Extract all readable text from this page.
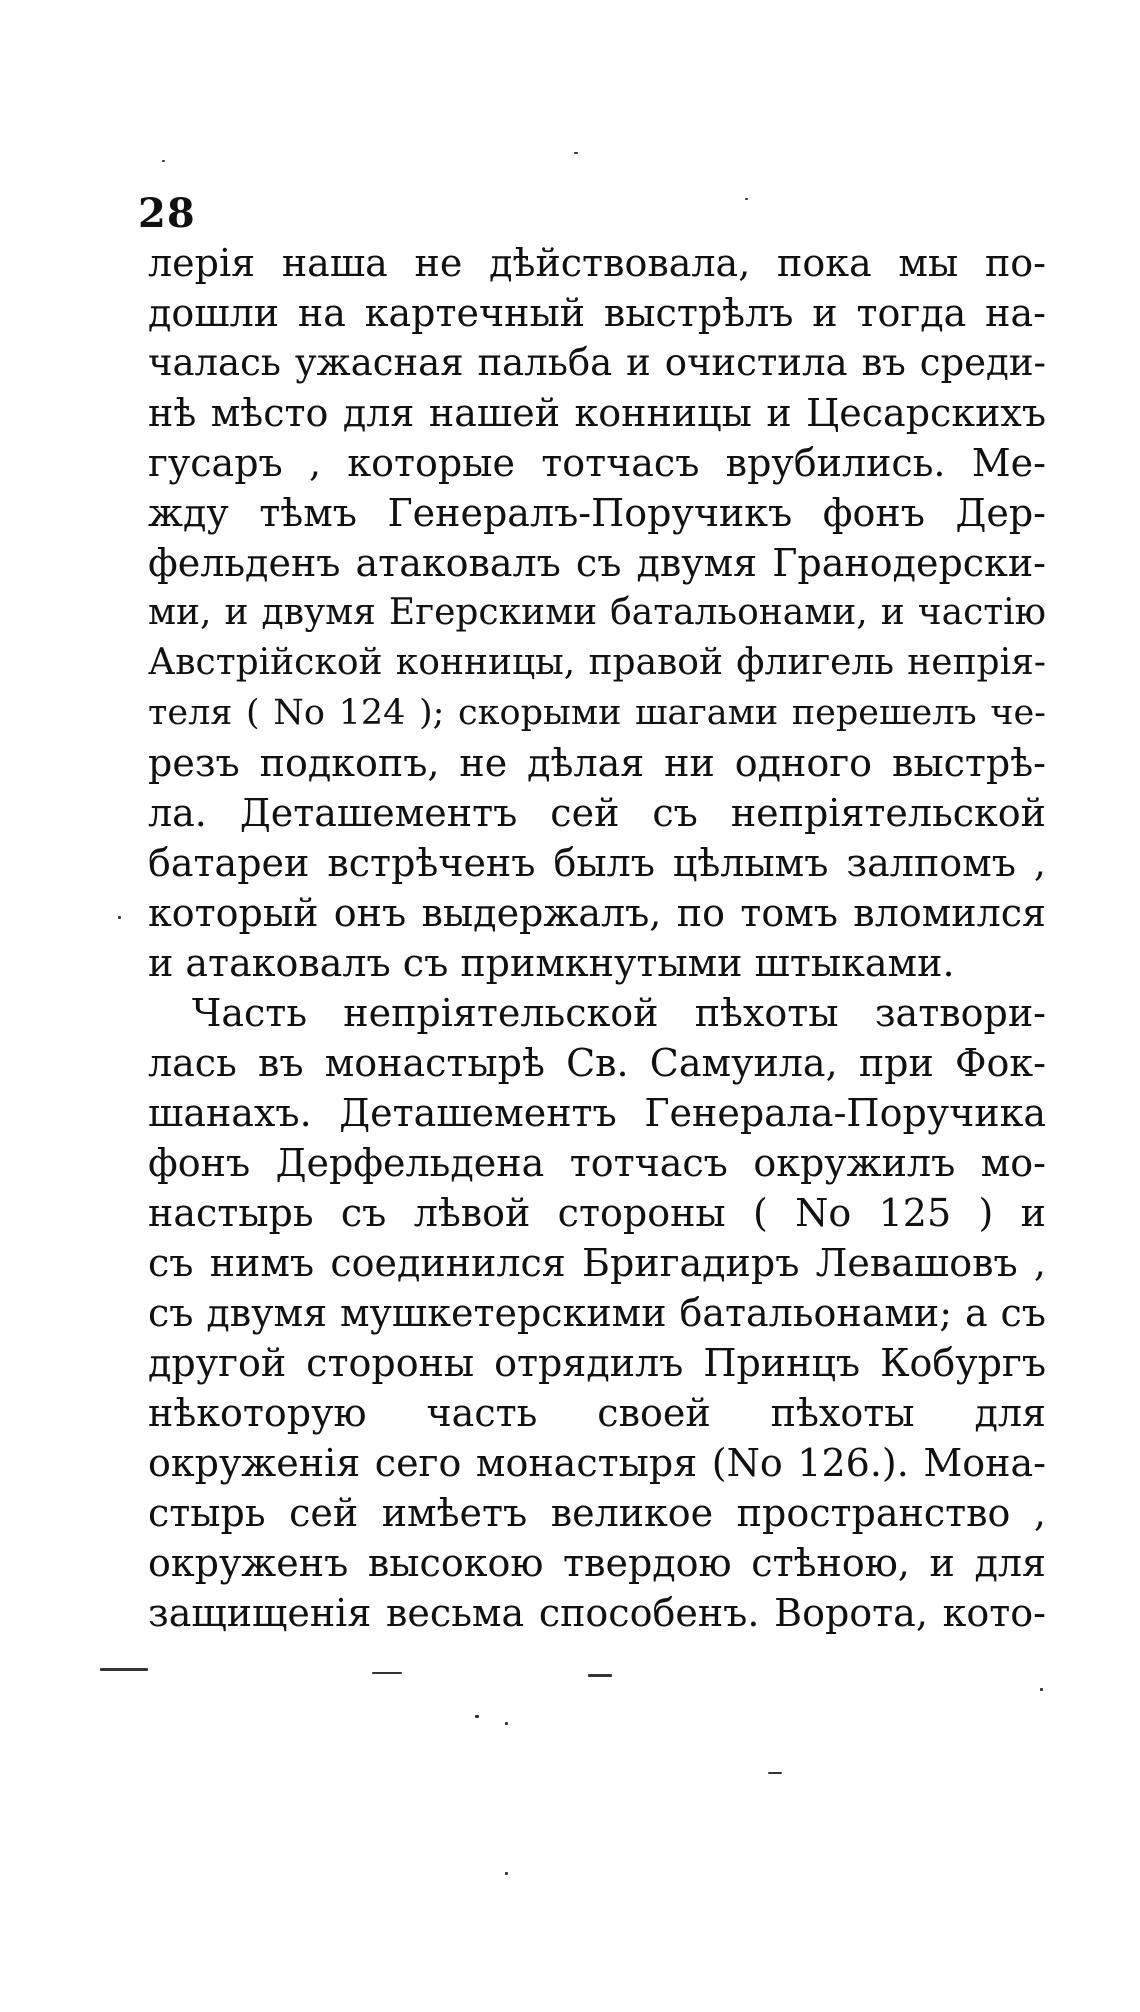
28
лерія наша не дѣйствовала, пока мы по-
дошли на картечный выстрѣлъ и тогда на-
чалась ужасная пальба и очистила въ среди-
нѣ мѣсто для нашей конницы и Цесарскихъ
гусаръ , которые тотчасъ врубились. Ме-
жду тѣмъ Генералъ-Поручикъ фонъ Дер-
фельденъ атаковалъ съ двумя Гранодерски-
ми, и двумя Егерскими батальонами, и частію
Австрійской конницы, правой флигель непрія-
теля ( No 124 ); скорыми шагами перешелъ че-
резъ подкопъ, не дѣлая ни одного выстрѣ-
ла. Деташементъ сей съ непріятельской
батареи встрѣченъ былъ цѣлымъ залпомъ ,
который онъ выдержалъ, по томъ вломился
и атаковалъ съ примкнутыми штыками.
Часть непріятельской пѣхоты затвори-
лась въ монастырѣ Св. Самуила, при Фок-
шанахъ. Деташементъ Генерала-Поручика
фонъ Дерфельдена тотчасъ окружилъ мо-
настырь съ лѣвой стороны ( No 125 ) и
съ нимъ соединился Бригадиръ Левашовъ ,
съ двумя мушкетерскими батальонами; а съ
другой стороны отрядилъ Принцъ Кобургъ
нѣкоторую часть своей пѣхоты для
окруженія сего монастыря (No 126.). Мона-
стырь сей имѣетъ великое пространство ,
окруженъ высокою твердою стѣною, и для
защищенія весьма способенъ. Ворота, кото-
